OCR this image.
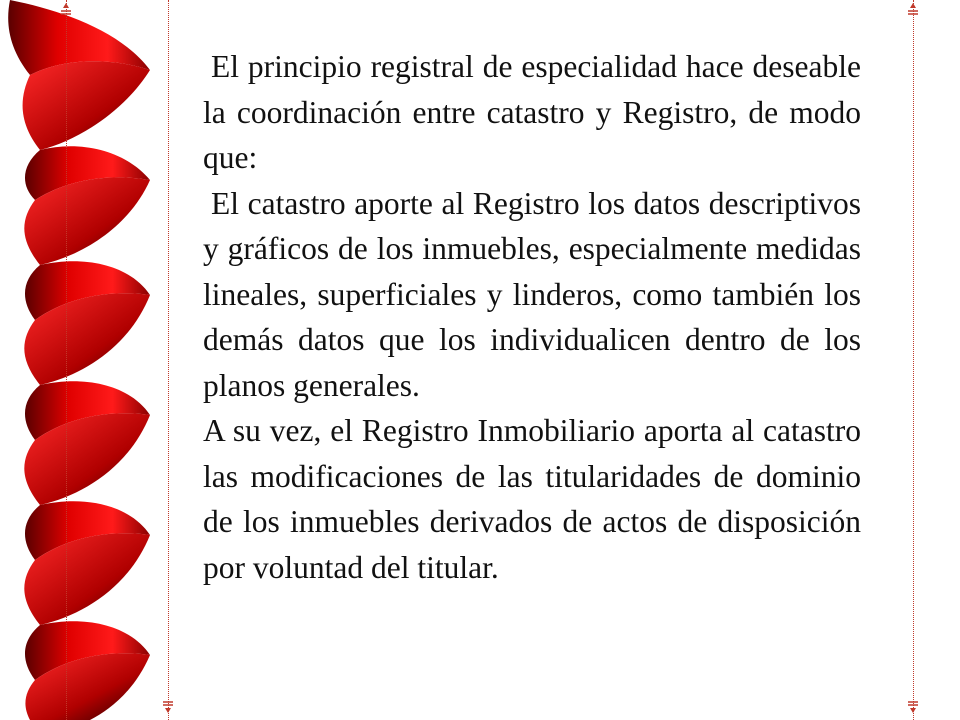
El principio registral de especialidad hace deseable la coordinación entre catastro y Registro, de modo que:

El catastro aporte al Registro los datos descriptivos y gráficos de los inmuebles, especialmente medidas lineales, superficiales y linderos, como también los demás datos que los individualicen dentro de los planos generales.

A su vez, el Registro Inmobiliario aporta al catastro las modificaciones de las titularidades de dominio de los inmuebles derivados de actos de disposición por voluntad del titular.
